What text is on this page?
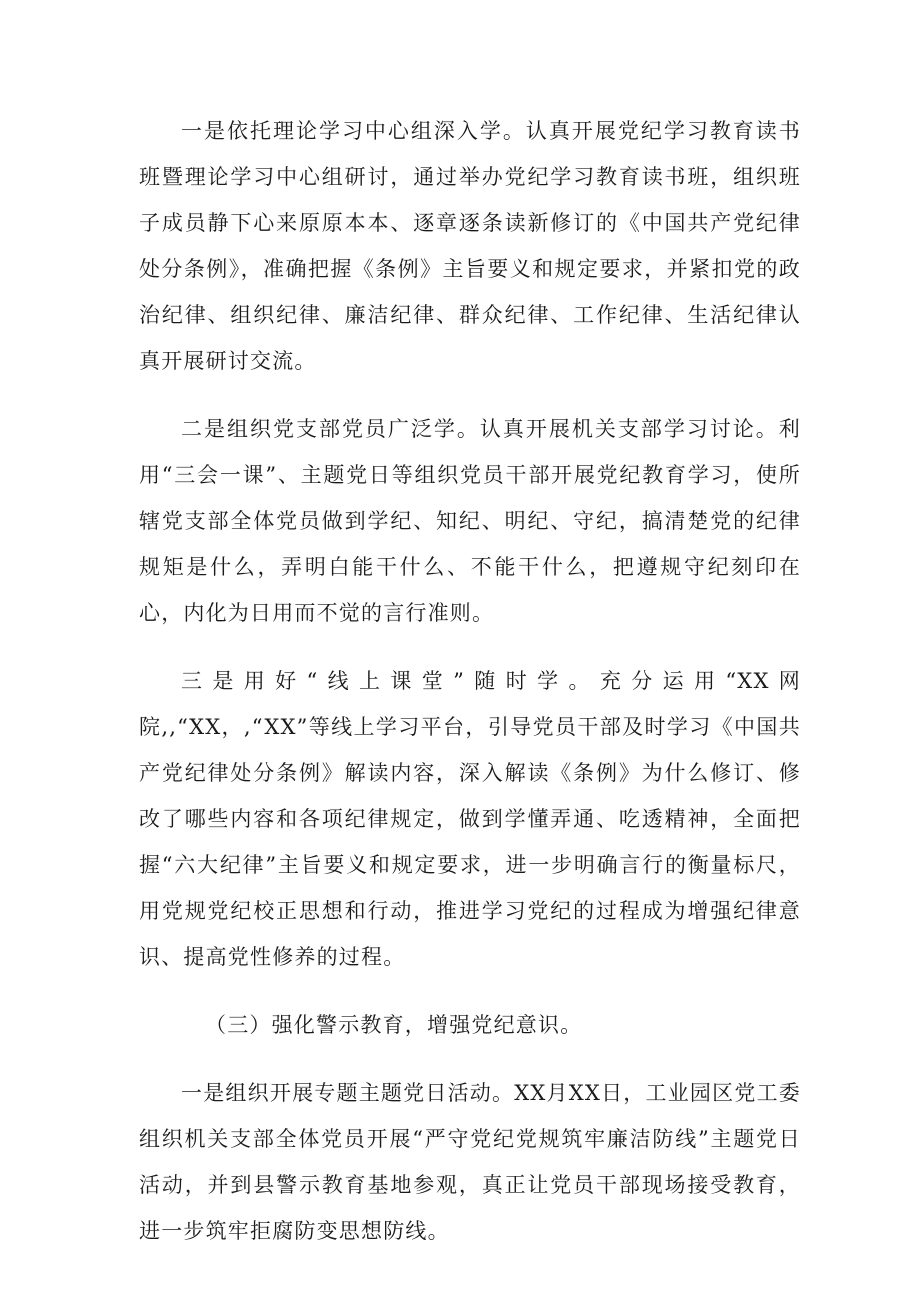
一是依托理论学习中心组深入学。认真开展党纪学习教育读书班暨理论学习中心组研讨，通过举办党纪学习教育读书班，组织班子成员静下心来原原本本、逐章逐条读新修订的《中国共产党纪律处分条例》，准确把握《条例》主旨要义和规定要求，并紧扣党的政治纪律、组织纪律、廉洁纪律、群众纪律、工作纪律、生活纪律认真开展研讨交流。

二是组织党支部党员广泛学。认真开展机关支部学习讨论。利用“三会一课”、主题党日等组织党员干部开展党纪教育学习，使所辖党支部全体党员做到学纪、知纪、明纪、守纪，搞清楚党的纪律规矩是什么，弄明白能干什么、不能干什么，把遵规守纪刻印在心，内化为日用而不觉的言行准则。

三是用好“线上课堂”随时学。充分运用“XX网院,,“XX，,“XX”等线上学习平台，引导党员干部及时学习《中国共产党纪律处分条例》解读内容，深入解读《条例》为什么修订、修改了哪些内容和各项纪律规定，做到学懂弄通、吃透精神，全面把握“六大纪律”主旨要义和规定要求，进一步明确言行的衡量标尺，用党规党纪校正思想和行动，推进学习党纪的过程成为增强纪律意识、提高党性修养的过程。

（三）强化警示教育，增强党纪意识。

一是组织开展专题主题党日活动。XX月XX日，工业园区党工委组织机关支部全体党员开展“严守党纪党规筑牢廉洁防线”主题党日活动，并到县警示教育基地参观，真正让党员干部现场接受教育，进一步筑牢拒腐防变思想防线。
